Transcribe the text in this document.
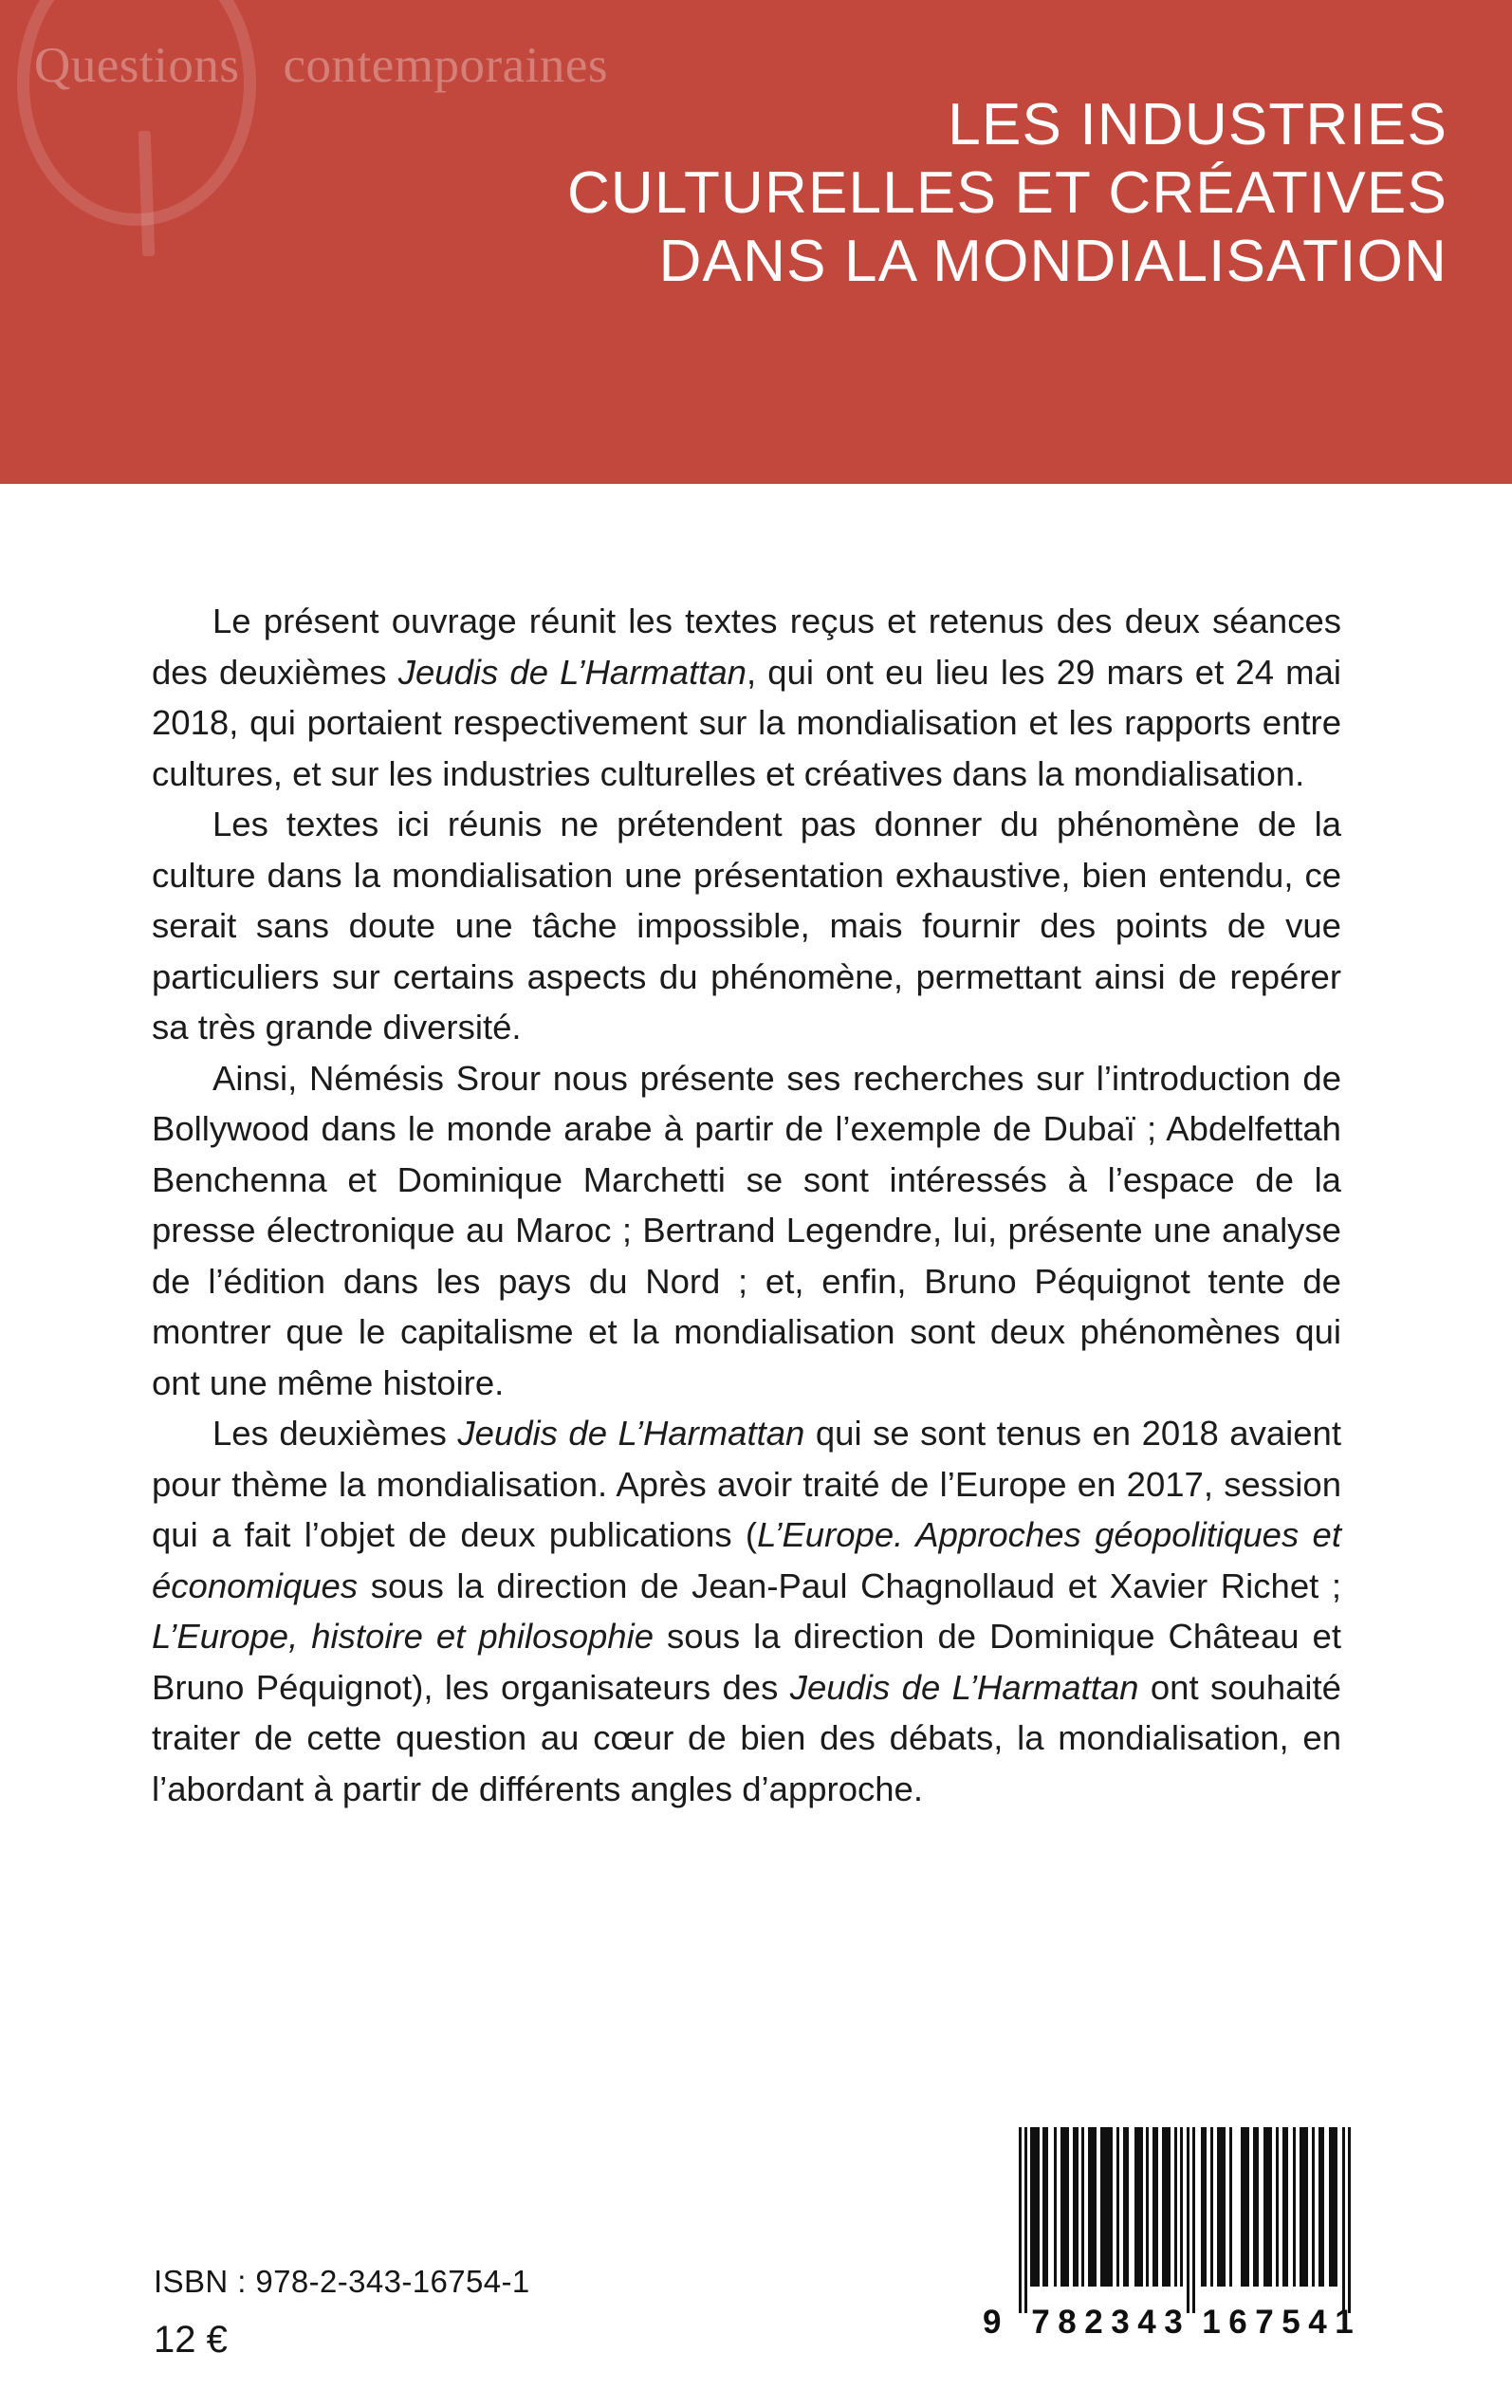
Questions contemporaines
LES INDUSTRIES
CULTURELLES ET CRÉATIVES
DANS LA MONDIALISATION

Le présent ouvrage réunit les textes reçus et retenus des deux séances des deuxièmes Jeudis de L’Harmattan, qui ont eu lieu les 29 mars et 24 mai 2018, qui portaient respectivement sur la mondialisation et les rapports entre cultures, et sur les industries culturelles et créatives dans la mondialisation.

Les textes ici réunis ne prétendent pas donner du phénomène de la culture dans la mondialisation une présentation exhaustive, bien entendu, ce serait sans doute une tâche impossible, mais fournir des points de vue particuliers sur certains aspects du phénomène, permettant ainsi de repérer sa très grande diversité.

Ainsi, Némésis Srour nous présente ses recherches sur l’introduction de Bollywood dans le monde arabe à partir de l’exemple de Dubaï ; Abdelfettah Benchenna et Dominique Marchetti se sont intéressés à l’espace de la presse électronique au Maroc ; Bertrand Legendre, lui, présente une analyse de l’édition dans les pays du Nord ; et, enfin, Bruno Péquignot tente de montrer que le capitalisme et la mondialisation sont deux phénomènes qui ont une même histoire.

Les deuxièmes Jeudis de L’Harmattan qui se sont tenus en 2018 avaient pour thème la mondialisation. Après avoir traité de l’Europe en 2017, session qui a fait l’objet de deux publications (L’Europe. Approches géopolitiques et économiques sous la direction de Jean-Paul Chagnollaud et Xavier Richet ; L’Europe, histoire et philosophie sous la direction de Dominique Château et Bruno Péquignot), les organisateurs des Jeudis de L’Harmattan ont souhaité traiter de cette question au cœur de bien des débats, la mondialisation, en l’abordant à partir de différents angles d’approche.

ISBN : 978-2-343-16754-1
12 €	9 7 8 2 3 4 3 1 6 7 5 4 1
